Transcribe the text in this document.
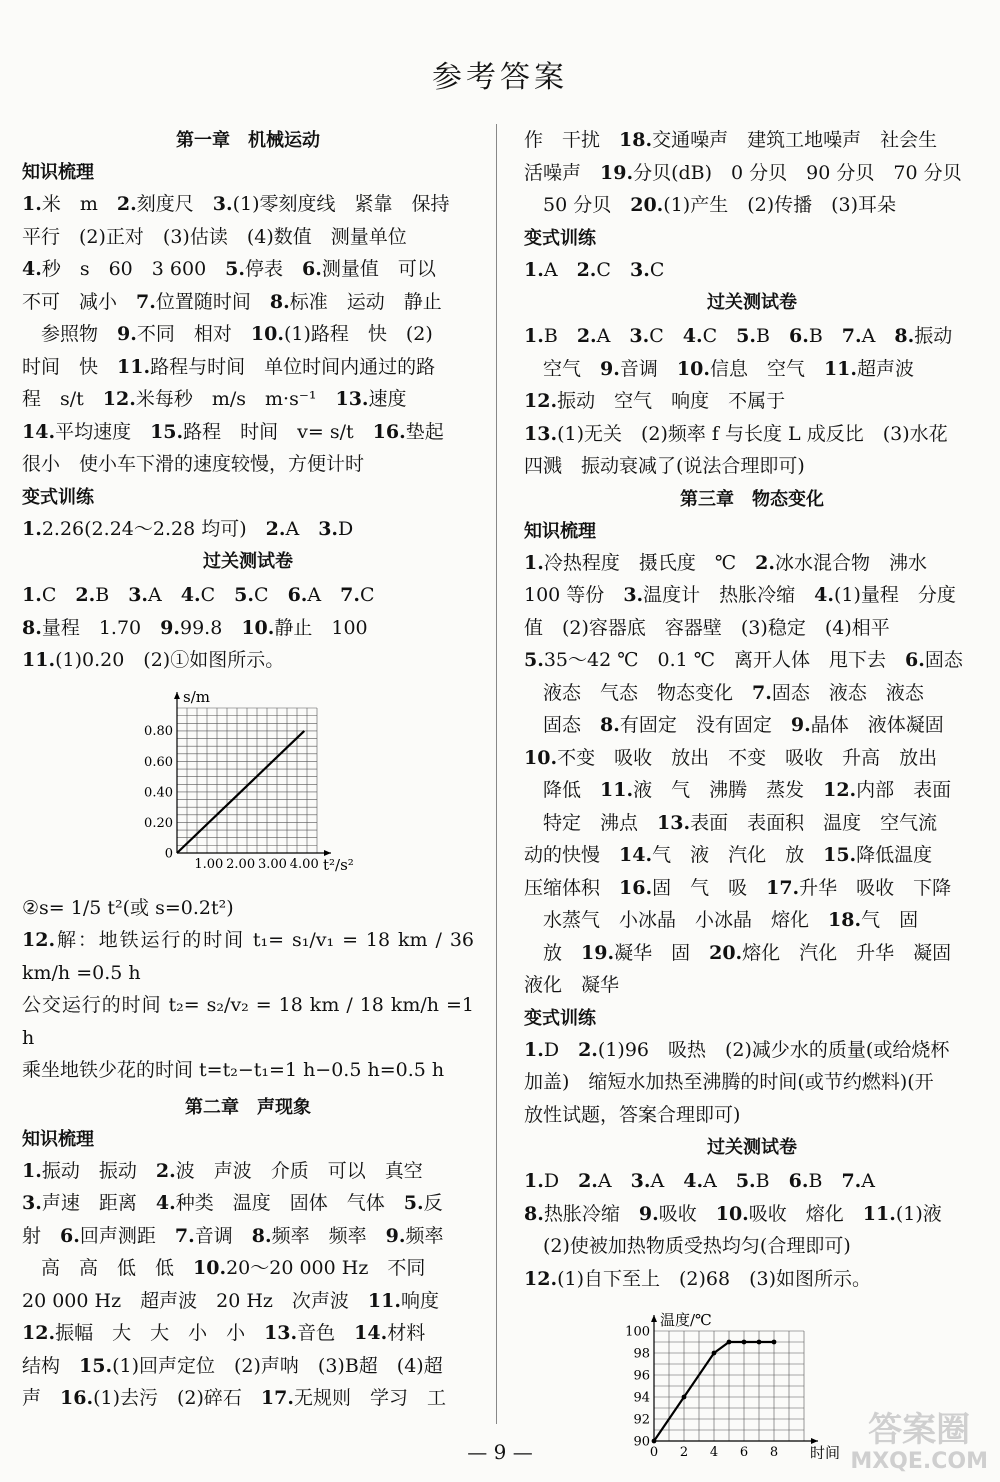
参考答案
第一章　机械运动
知识梳理

1.米　m　2.刻度尺　3.(1)零刻度线　紧靠　保持

平行　(2)正对　(3)估读　(4)数值　测量单位

4.秒　s　60　3 600　5.停表　6.测量值　可以

不可　减小　7.位置随时间　8.标准　运动　静止

　参照物　9.不同　相对　10.(1)路程　快　(2)

时间　快　11.路程与时间　单位时间内通过的路

程　s/t　12.米每秒　m/s　m·s⁻¹　13.速度

14.平均速度　15.路程　时间　v= s/t　16.垫起

很小　使小车下滑的速度较慢，方便计时

变式训练

1.2.26(2.24～2.28 均可)　2.A　3.D

过关测试卷

1.C　2.B　3.A　4.C　5.C　6.A　7.C

8.量程　1.70　9.99.8　10.静止　100

11.(1)0.20　(2)①如图所示。

1.00 2.00 3.00 4.00
0
0.20
0.40
0.60
0.80
s/m
t²/s²

②s= 1/5 t²(或 s=0.2t²)

12.解：地铁运行的时间 t₁= s₁/v₁ = 18 km / 36 km/h =0.5 h

公交运行的时间 t₂= s₂/v₂ = 18 km / 18 km/h =1 h

乘坐地铁少花的时间 t=t₂−t₁=1 h−0.5 h=0.5 h

第二章　声现象
知识梳理

1.振动　振动　2.波　声波　介质　可以　真空

3.声速　距离　4.种类　温度　固体　气体　5.反

射　6.回声测距　7.音调　8.频率　频率　9.频率

　高　高　低　低　10.20～20 000 Hz　不同

20 000 Hz　超声波　20 Hz　次声波　11.响度

12.振幅　大　大　小　小　13.音色　14.材料

结构　15.(1)回声定位　(2)声呐　(3)B超　(4)超

声　16.(1)去污　(2)碎石　17.无规则　学习　工

作　干扰　18.交通噪声　建筑工地噪声　社会生

活噪声　19.分贝(dB)　0 分贝　90 分贝　70 分贝

　50 分贝　20.(1)产生　(2)传播　(3)耳朵

变式训练

1.A　2.C　3.C

过关测试卷

1.B　2.A　3.C　4.C　5.B　6.B　7.A　8.振动

　空气　9.音调　10.信息　空气　11.超声波

12.振动　空气　响度　不属于

13.(1)无关　(2)频率 f 与长度 L 成反比　(3)水花

四溅　振动衰减了(说法合理即可)

第三章　物态变化
知识梳理

1.冷热程度　摄氏度　℃　2.冰水混合物　沸水

100 等份　3.温度计　热胀冷缩　4.(1)量程　分度

值　(2)容器底　容器壁　(3)稳定　(4)相平

5.35～42 ℃　0.1 ℃　离开人体　甩下去　6.固态

　液态　气态　物态变化　7.固态　液态　液态

　固态　8.有固定　没有固定　9.晶体　液体凝固

10.不变　吸收　放出　不变　吸收　升高　放出

　降低　11.液　气　沸腾　蒸发　12.内部　表面

　特定　沸点　13.表面　表面积　温度　空气流

动的快慢　14.气　液　汽化　放　15.降低温度

压缩体积　16.固　气　吸　17.升华　吸收　下降

　水蒸气　小冰晶　小冰晶　熔化　18.气　固

　放　19.凝华　固　20.熔化　汽化　升华　凝固

液化　凝华

变式训练

1.D　2.(1)96　吸热　(2)减少水的质量(或给烧杯

加盖)　缩短水加热至沸腾的时间(或节约燃料)(开

放性试题，答案合理即可)

过关测试卷

1.D　2.A　3.A　4.A　5.B　6.B　7.A

8.热胀冷缩　9.吸收　10.吸收　熔化　11.(1)液

　(2)使被加热物质受热均匀(合理即可)

12.(1)自下至上　(2)68　(3)如图所示。

0 2 4 6 8
90
92
94
96
98
100
温度/℃
时间
— 9 —
答案圈
MXQE.COM
